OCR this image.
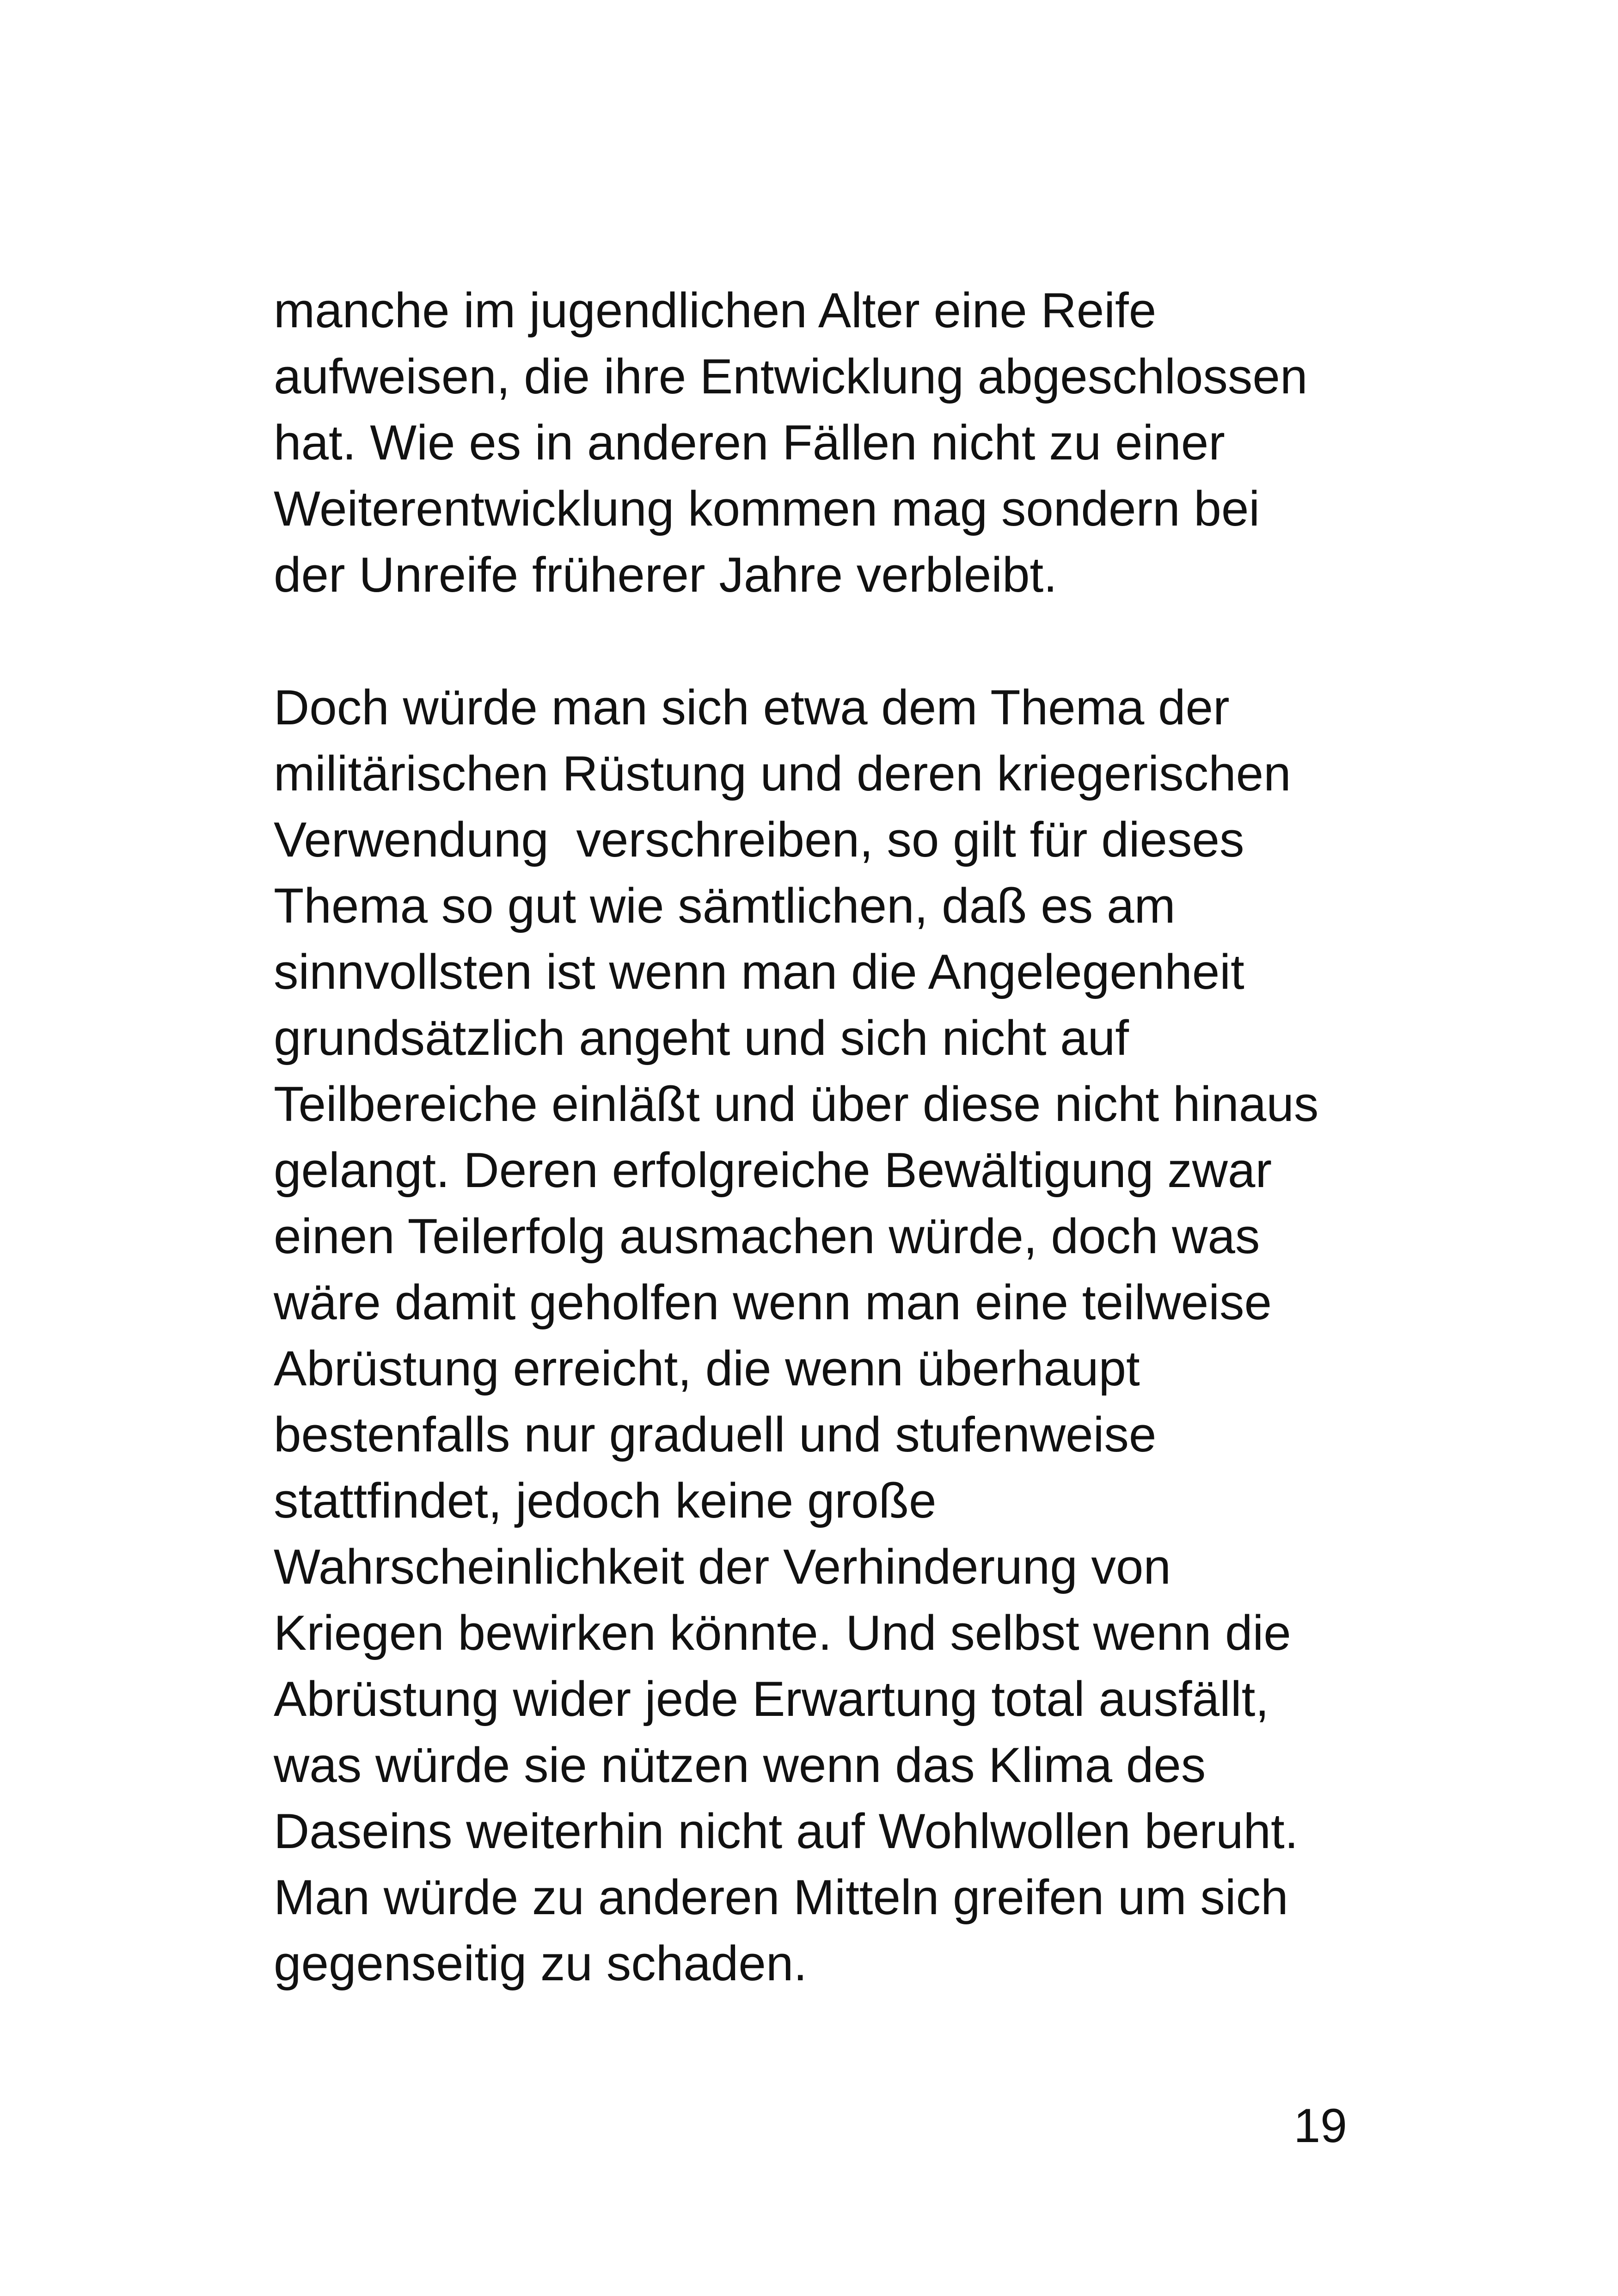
manche im jugendlichen Alter eine Reife
aufweisen, die ihre Entwicklung abgeschlossen
hat. Wie es in anderen Fällen nicht zu einer
Weiterentwicklung kommen mag sondern bei
der Unreife früherer Jahre verbleibt.
Doch würde man sich etwa dem Thema der
militärischen Rüstung und deren kriegerischen
Verwendung  verschreiben, so gilt für dieses
Thema so gut wie sämtlichen, daß es am
sinnvollsten ist wenn man die Angelegenheit
grundsätzlich angeht und sich nicht auf
Teilbereiche einläßt und über diese nicht hinaus
gelangt. Deren erfolgreiche Bewältigung zwar
einen Teilerfolg ausmachen würde, doch was
wäre damit geholfen wenn man eine teilweise
Abrüstung erreicht, die wenn überhaupt
bestenfalls nur graduell und stufenweise
stattfindet, jedoch keine große
Wahrscheinlichkeit der Verhinderung von
Kriegen bewirken könnte. Und selbst wenn die
Abrüstung wider jede Erwartung total ausfällt,
was würde sie nützen wenn das Klima des
Daseins weiterhin nicht auf Wohlwollen beruht.
Man würde zu anderen Mitteln greifen um sich
gegenseitig zu schaden.
19
